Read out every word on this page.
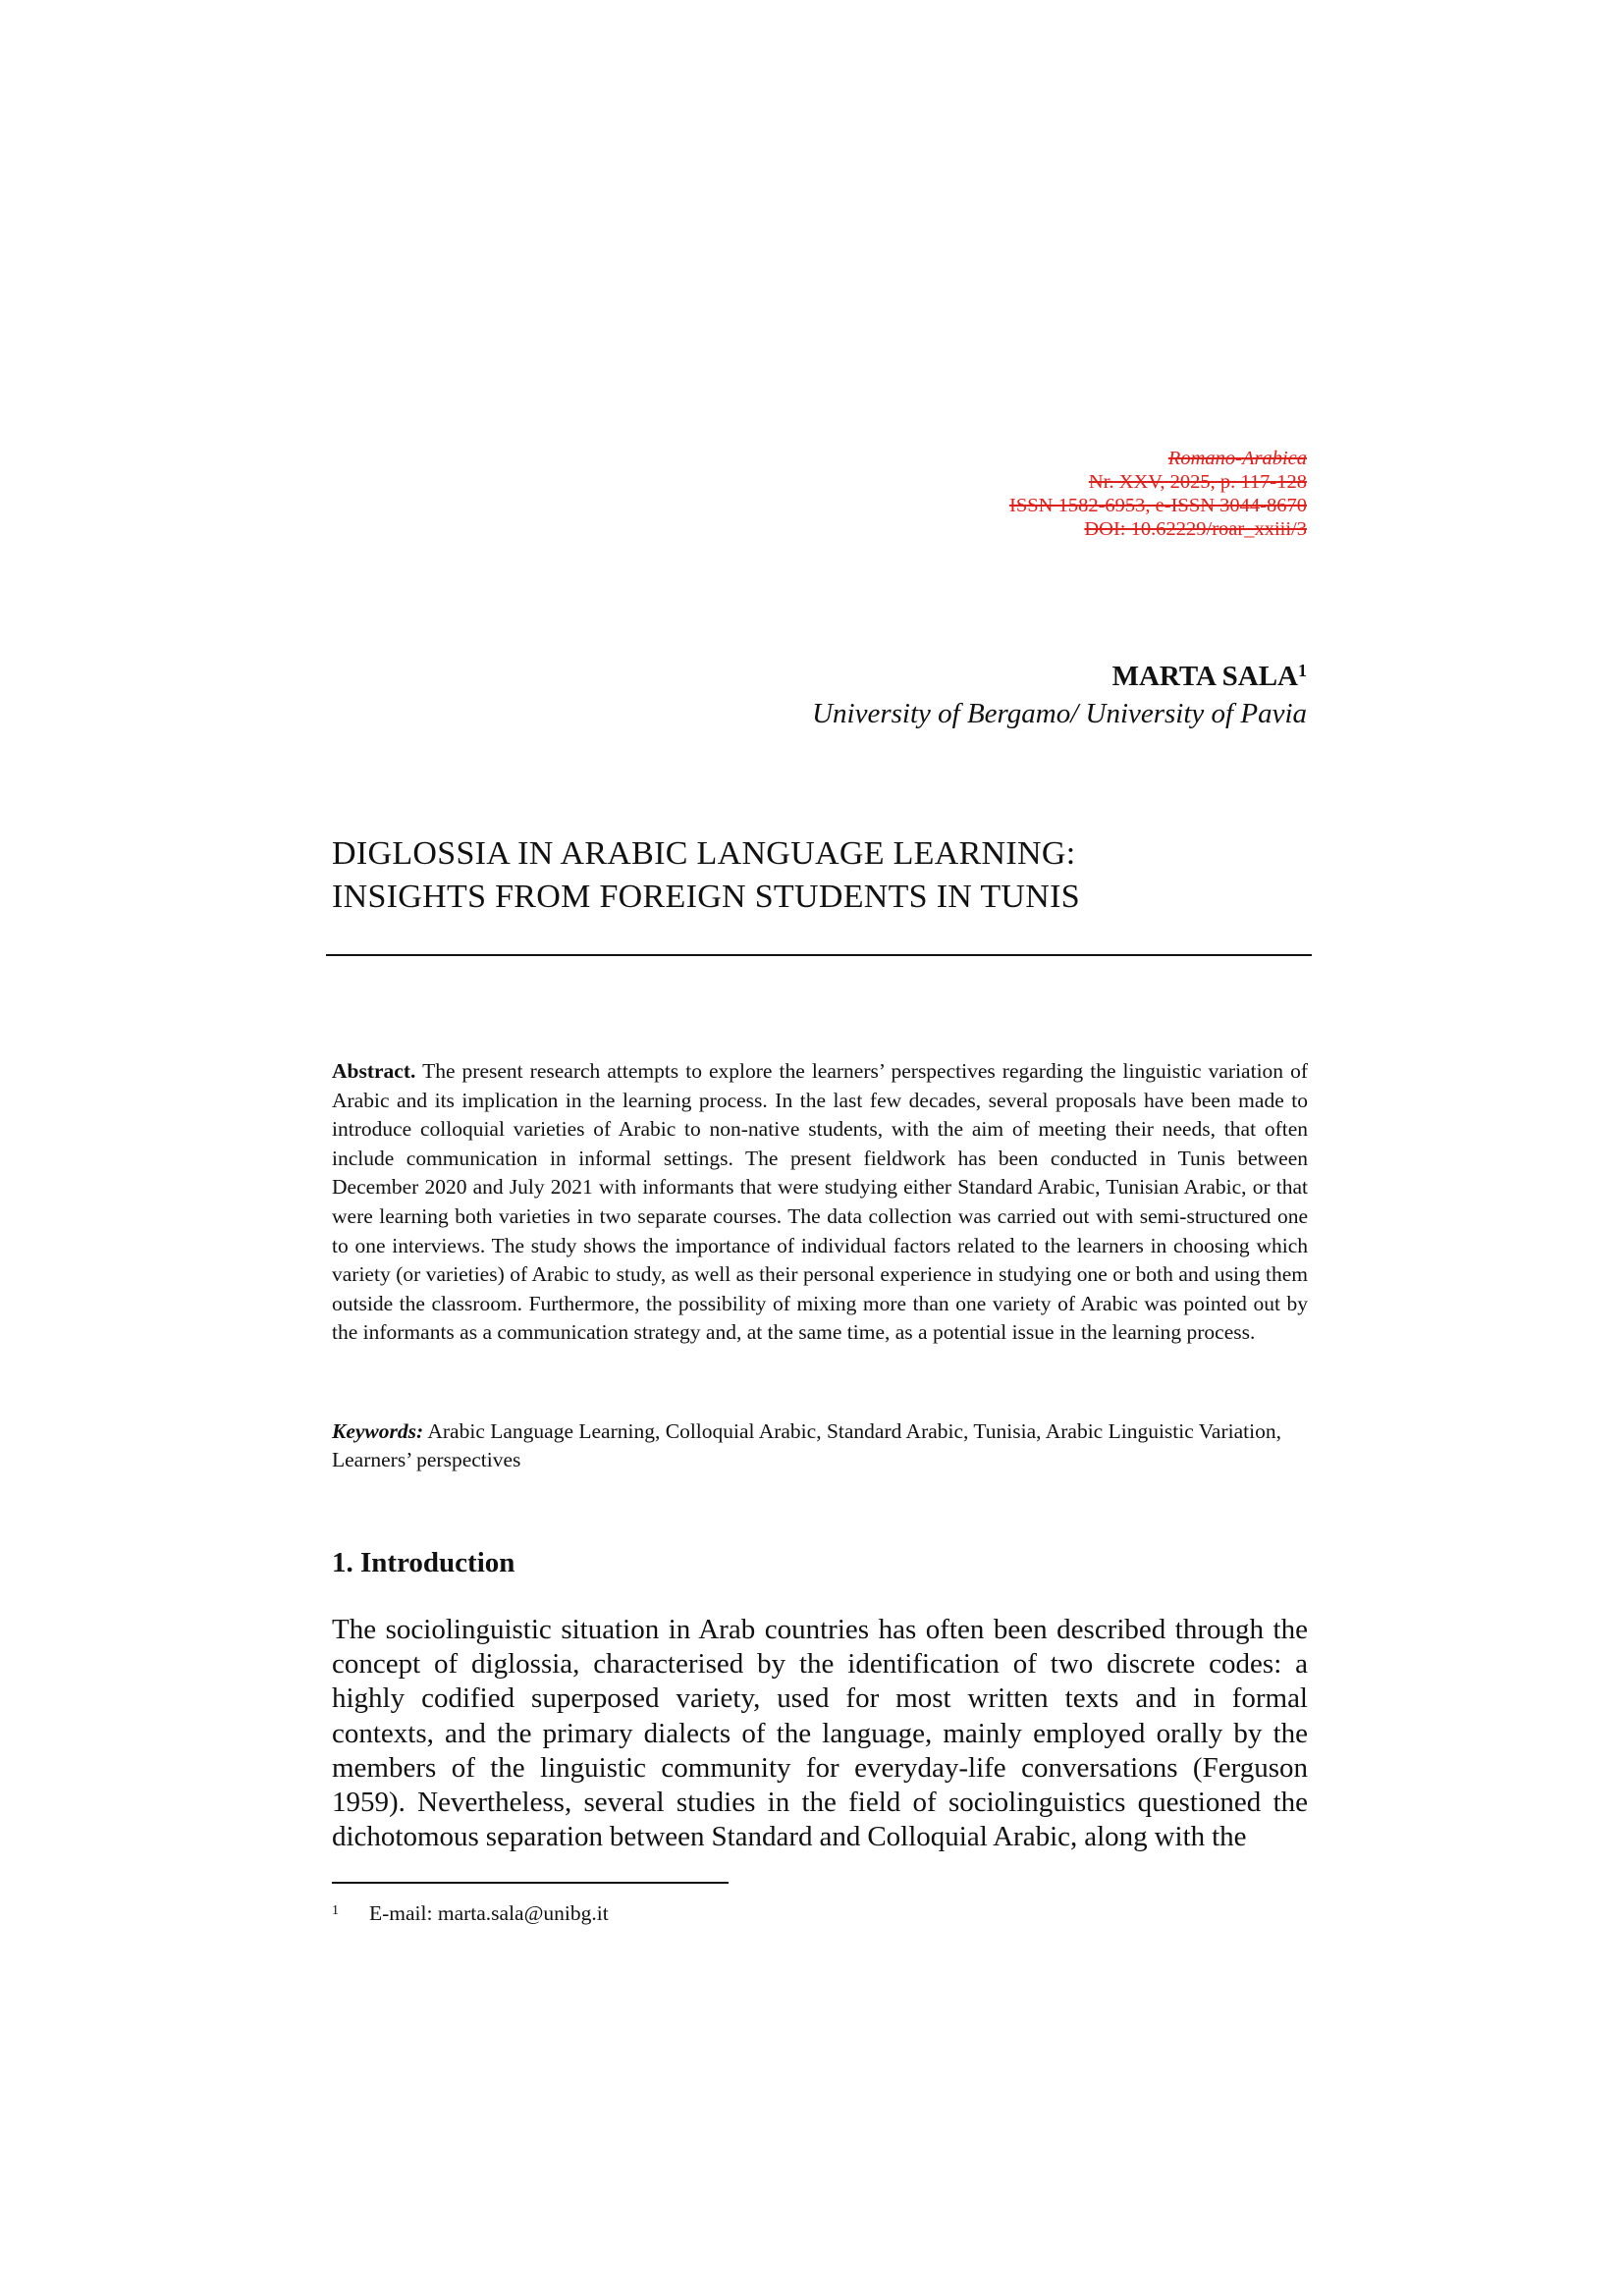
Romano-Arabica
Nr. XXV, 2025, p. 117-128
ISSN 1582-6953, e-ISSN 3044-8670
DOI: 10.62229/roar_xxiii/3
MARTA SALA$^1$
University of Bergamo/ University of Pavia
DIGLOSSIA IN ARABIC LANGUAGE LEARNING:
INSIGHTS FROM FOREIGN STUDENTS IN TUNIS
Abstract. The present research attempts to explore the learners’ perspectives regarding the linguistic variation of Arabic and its implication in the learning process. In the last few decades, several proposals have been made to introduce colloquial varieties of Arabic to non-native students, with the aim of meeting their needs, that often include communication in informal settings. The present fieldwork has been conducted in Tunis between December 2020 and July 2021 with informants that were studying either Standard Arabic, Tunisian Arabic, or that were learning both varieties in two separate courses. The data collection was carried out with semi-structured one to one interviews. The study shows the importance of individual factors related to the learners in choosing which variety (or varieties) of Arabic to study, as well as their personal experience in studying one or both and using them outside the classroom. Furthermore, the possibility of mixing more than one variety of Arabic was pointed out by the informants as a communication strategy and, at the same time, as a potential issue in the learning process.
Keywords: Arabic Language Learning, Colloquial Arabic, Standard Arabic, Tunisia, Arabic Linguistic Variation, Learners’ perspectives
1. Introduction
The sociolinguistic situation in Arab countries has often been described through the concept of diglossia, characterised by the identification of two discrete codes: a highly codified superposed variety, used for most written texts and in formal contexts, and the primary dialects of the language, mainly employed orally by the members of the linguistic community for everyday-life conversations (Ferguson 1959). Nevertheless, several studies in the field of sociolinguistics questioned the dichotomous separation between Standard and Colloquial Arabic, along with the
1 E-mail: marta.sala@unibg.it
